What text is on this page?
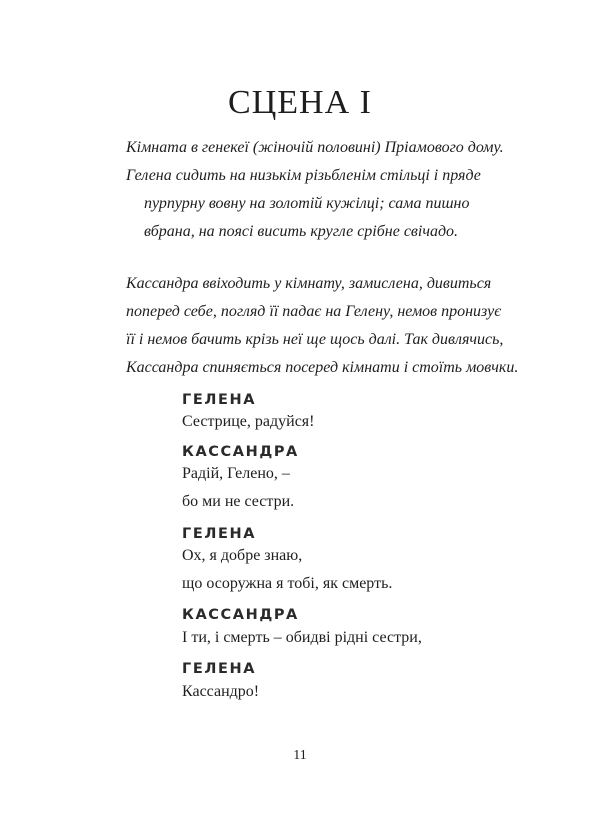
СЦЕНА І
Кімната в генекеї (жіночій половині) Пріамового дому.
Гелена сидить на низькім різьбленім стільці і пряде
пурпурну вовну на золотій кужілці; сама пишно
вбрана, на поясі висить кругле срібне свічадо.
Кассандра ввіходить у кімнату, замислена, дивиться
поперед себе, погляд її падає на Гелену, немов пронизує
її і немов бачить крізь неї ще щось далі. Так дивлячись,
Кассандра спиняється посеред кімнати і стоїть мовчки.
ГЕЛЕНА
Сестрице, радуйся!
КАССАНДРА
Радій, Гелено, –
бо ми не сестри.
ГЕЛЕНА
Ох, я добре знаю,
що осоружна я тобі, як смерть.
КАССАНДРА
І ти, і смерть – обидві рідні сестри,
ГЕЛЕНА
Кассандро!
11
